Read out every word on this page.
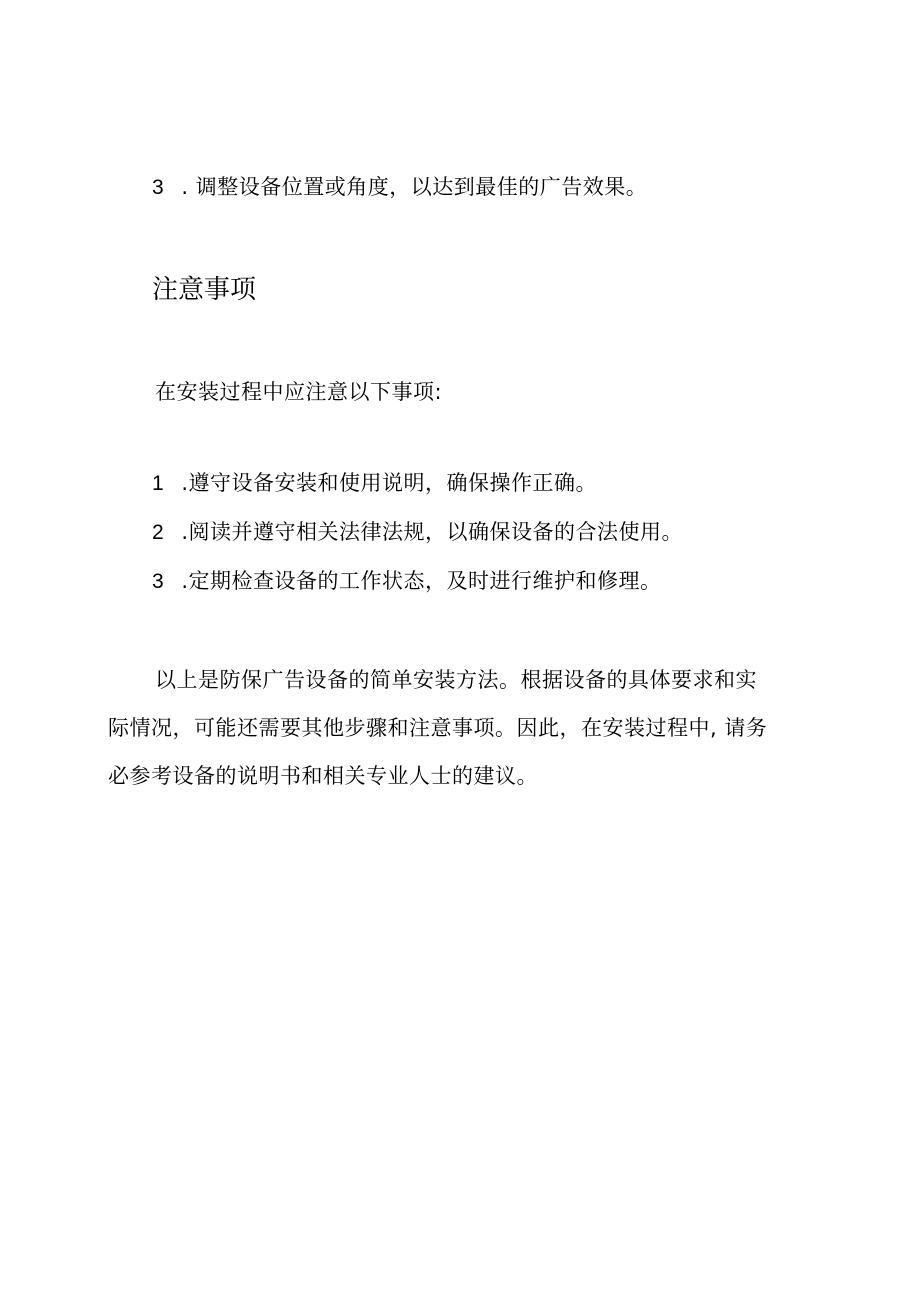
3 . 调整设备位置或角度，以达到最佳的广告效果。
注意事项
在安装过程中应注意以下事项:
1 .遵守设备安装和使用说明，确保操作正确。
2 .阅读并遵守相关法律法规，以确保设备的合法使用。
3 .定期检查设备的工作状态，及时进行维护和修理。
以上是防保广告设备的简单安装方法。根据设备的具体要求和实
际情况，可能还需要其他步骤和注意事项。因此，在安装过程中, 请务
必参考设备的说明书和相关专业人士的建议。
